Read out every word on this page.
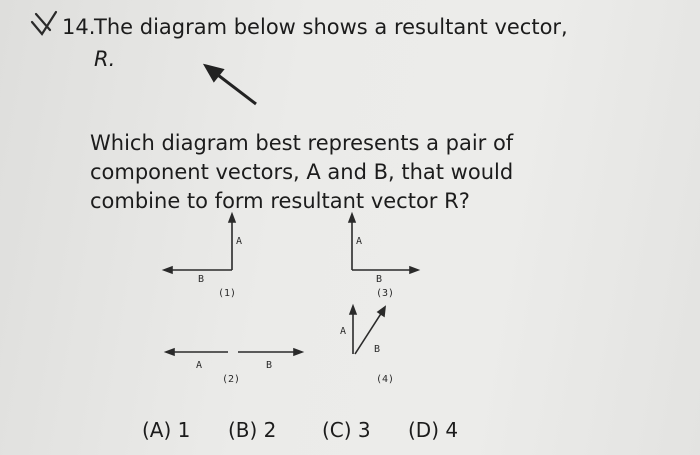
14.
The diagram below shows a resultant vector,
R.
Which diagram best represents a pair of
component vectors, A and B, that would
combine to form resultant vector R?
A
B
(1)
A
B
(3)
A	B
(2)
A
B
(4)
(A) 1 (B) 2 (C) 3 (D) 4
